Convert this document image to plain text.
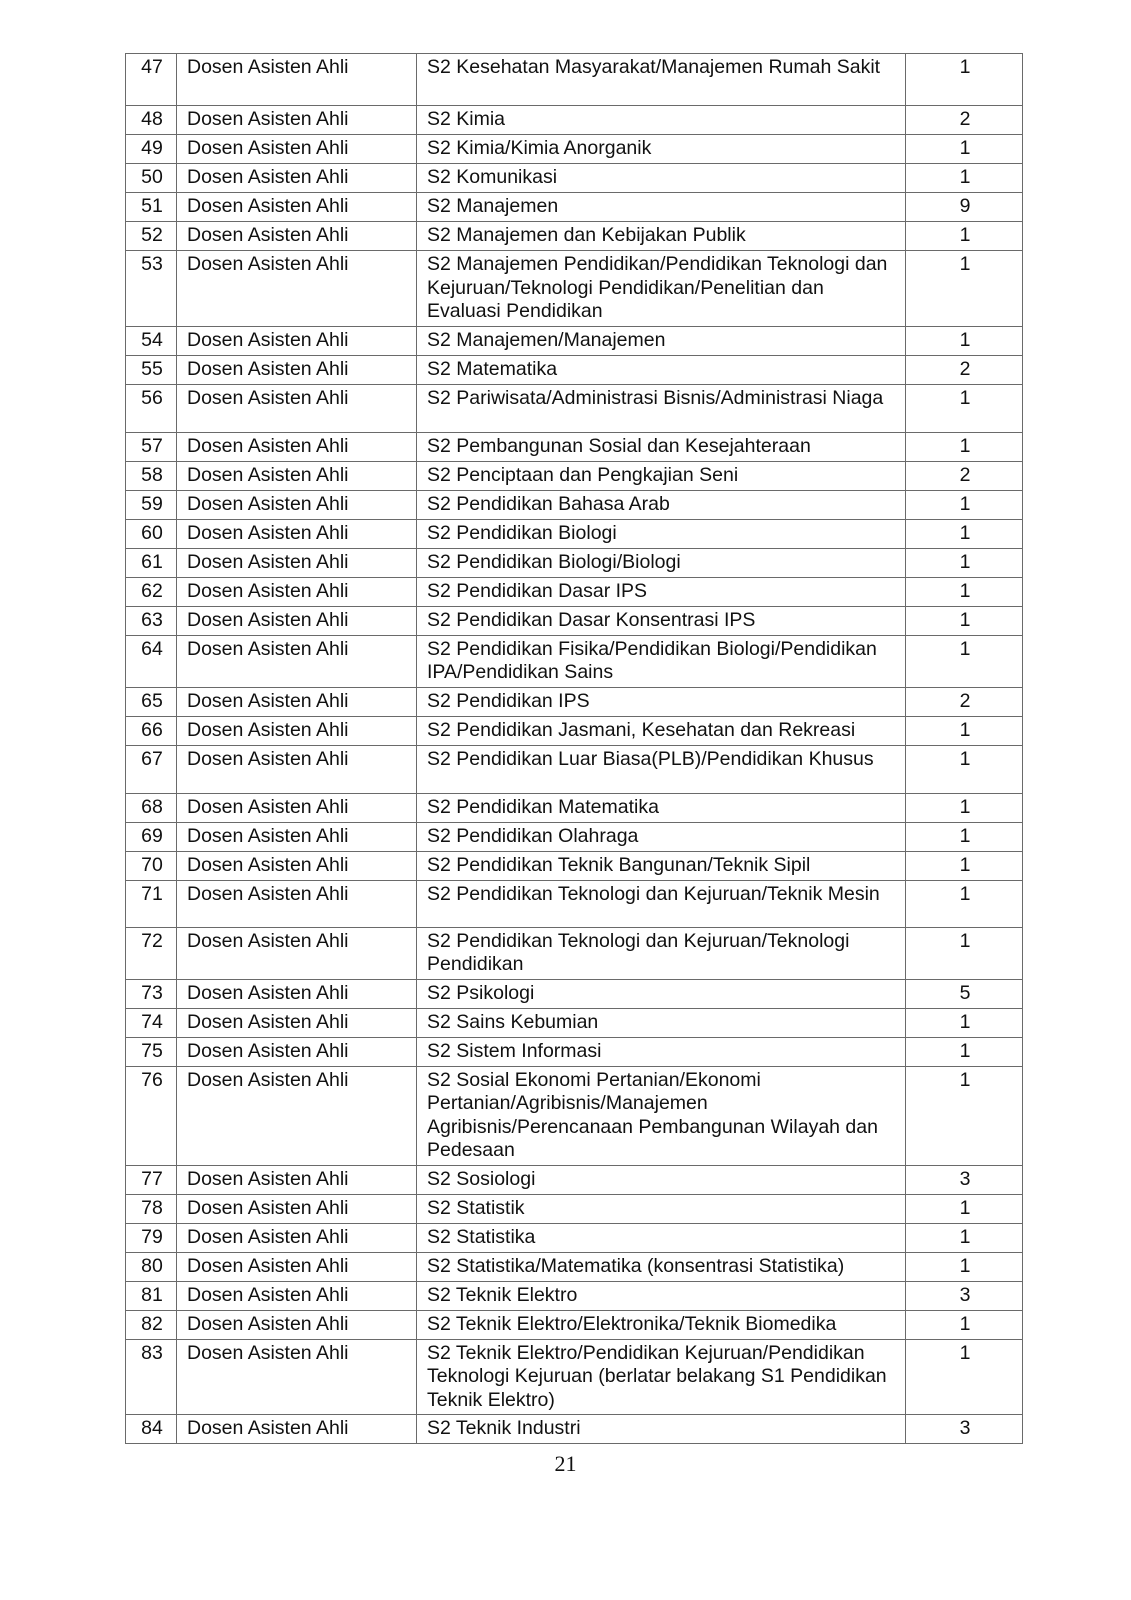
47	Dosen Asisten Ahli	S2 Kesehatan Masyarakat/Manajemen Rumah Sakit	1
48	Dosen Asisten Ahli	S2 Kimia	2
49	Dosen Asisten Ahli	S2 Kimia/Kimia Anorganik	1
50	Dosen Asisten Ahli	S2 Komunikasi	1
51	Dosen Asisten Ahli	S2 Manajemen	9
52	Dosen Asisten Ahli	S2 Manajemen dan Kebijakan Publik	1
53	Dosen Asisten Ahli	S2 Manajemen Pendidikan/Pendidikan Teknologi dan Kejuruan/Teknologi Pendidikan/Penelitian dan Evaluasi Pendidikan	1
54	Dosen Asisten Ahli	S2 Manajemen/Manajemen	1
55	Dosen Asisten Ahli	S2 Matematika	2
56	Dosen Asisten Ahli	S2 Pariwisata/Administrasi Bisnis/Administrasi Niaga	1
57	Dosen Asisten Ahli	S2 Pembangunan Sosial dan Kesejahteraan	1
58	Dosen Asisten Ahli	S2 Penciptaan dan Pengkajian Seni	2
59	Dosen Asisten Ahli	S2 Pendidikan Bahasa Arab	1
60	Dosen Asisten Ahli	S2 Pendidikan Biologi	1
61	Dosen Asisten Ahli	S2 Pendidikan Biologi/Biologi	1
62	Dosen Asisten Ahli	S2 Pendidikan Dasar IPS	1
63	Dosen Asisten Ahli	S2 Pendidikan Dasar Konsentrasi IPS	1
64	Dosen Asisten Ahli	S2 Pendidikan Fisika/Pendidikan Biologi/Pendidikan IPA/Pendidikan Sains	1
65	Dosen Asisten Ahli	S2 Pendidikan IPS	2
66	Dosen Asisten Ahli	S2 Pendidikan Jasmani, Kesehatan dan Rekreasi	1
67	Dosen Asisten Ahli	S2 Pendidikan Luar Biasa(PLB)/Pendidikan Khusus	1
68	Dosen Asisten Ahli	S2 Pendidikan Matematika	1
69	Dosen Asisten Ahli	S2 Pendidikan Olahraga	1
70	Dosen Asisten Ahli	S2 Pendidikan Teknik Bangunan/Teknik Sipil	1
71	Dosen Asisten Ahli	S2 Pendidikan Teknologi dan Kejuruan/Teknik Mesin	1
72	Dosen Asisten Ahli	S2 Pendidikan Teknologi dan Kejuruan/Teknologi Pendidikan	1
73	Dosen Asisten Ahli	S2 Psikologi	5
74	Dosen Asisten Ahli	S2 Sains Kebumian	1
75	Dosen Asisten Ahli	S2 Sistem Informasi	1
76	Dosen Asisten Ahli	S2 Sosial Ekonomi Pertanian/Ekonomi Pertanian/Agribisnis/Manajemen Agribisnis/Perencanaan Pembangunan Wilayah dan Pedesaan	1
77	Dosen Asisten Ahli	S2 Sosiologi	3
78	Dosen Asisten Ahli	S2 Statistik	1
79	Dosen Asisten Ahli	S2 Statistika	1
80	Dosen Asisten Ahli	S2 Statistika/Matematika (konsentrasi Statistika)	1
81	Dosen Asisten Ahli	S2 Teknik Elektro	3
82	Dosen Asisten Ahli	S2 Teknik Elektro/Elektronika/Teknik Biomedika	1
83	Dosen Asisten Ahli	S2 Teknik Elektro/Pendidikan Kejuruan/Pendidikan Teknologi Kejuruan (berlatar belakang S1 Pendidikan Teknik Elektro)	1
84	Dosen Asisten Ahli	S2 Teknik Industri	3
21
